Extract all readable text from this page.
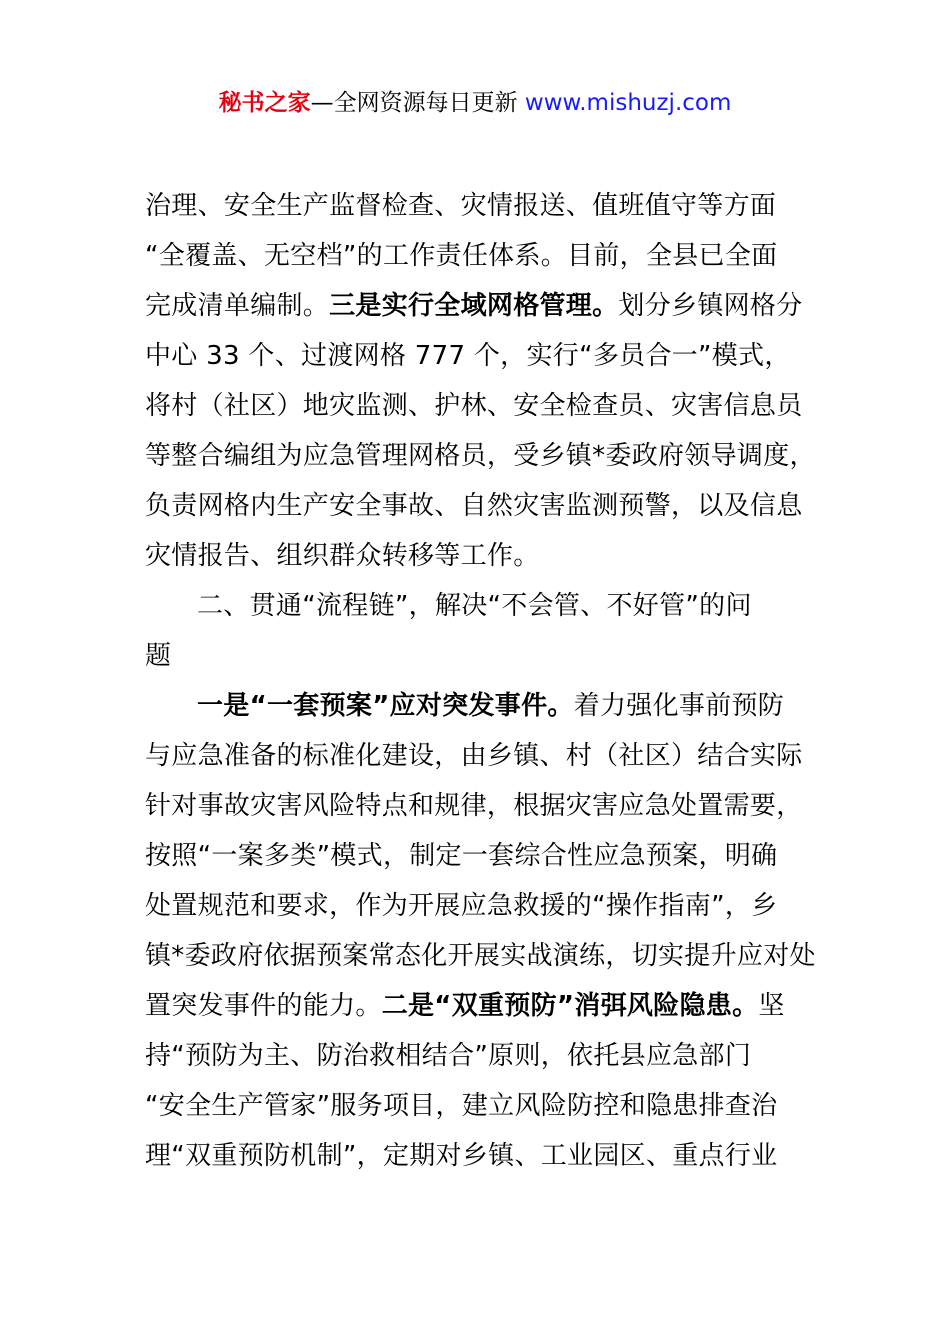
秘书之家—全网资源每日更新 www.mishuzj.com
治理、安全生产监督检查、灾情报送、值班值守等方面
“全覆盖、无空档”的工作责任体系。目前，全县已全面
完成清单编制。三是实行全域网格管理。划分乡镇网格分
中心 33 个、过渡网格 777 个，实行“多员合一”模式，
将村（社区）地灾监测、护林、安全检查员、灾害信息员
等整合编组为应急管理网格员，受乡镇*委政府领导调度，
负责网格内生产安全事故、自然灾害监测预警，以及信息
灾情报告、组织群众转移等工作。
二、贯通“流程链”，解决“不会管、不好管”的问
题
一是“一套预案”应对突发事件。着力强化事前预防
与应急准备的标准化建设，由乡镇、村（社区）结合实际
针对事故灾害风险特点和规律，根据灾害应急处置需要，
按照“一案多类”模式，制定一套综合性应急预案，明确
处置规范和要求，作为开展应急救援的“操作指南”，乡
镇*委政府依据预案常态化开展实战演练，切实提升应对处
置突发事件的能力。二是“双重预防”消弭风险隐患。坚
持“预防为主、防治救相结合”原则，依托县应急部门
“安全生产管家”服务项目，建立风险防控和隐患排查治
理“双重预防机制”，定期对乡镇、工业园区、重点行业
